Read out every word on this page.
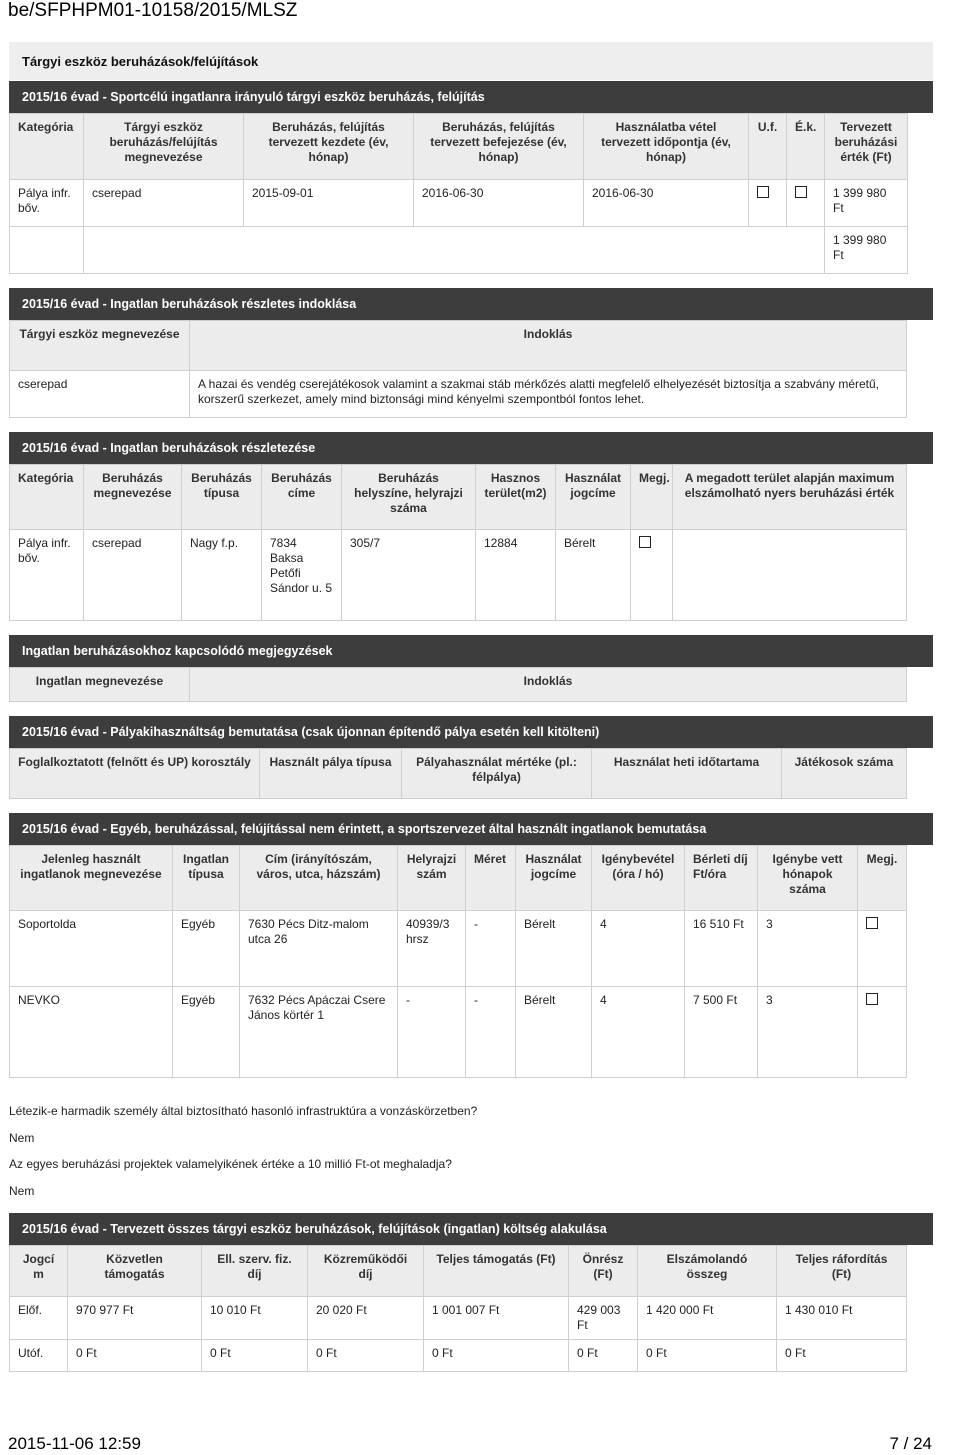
be/SFPHPM01-10158/2015/MLSZ
Tárgyi eszköz beruházások/felújítások
2015/16 évad - Sportcélú ingatlanra irányuló tárgyi eszköz beruházás, felújítás
Kategória	Tárgyi eszköz beruházás/felújítás megnevezése	Beruházás, felújítás tervezett kezdete (év, hónap)	Beruházás, felújítás tervezett befejezése (év, hónap)	Használatba vétel tervezett időpontja (év, hónap)	U.f.	É.k.	Tervezett beruházási érték (Ft)
Pálya infr. bőv.	cserepad	2015-09-01	2016-06-30	2016-06-30			1 399 980 Ft
							1 399 980 Ft
2015/16 évad - Ingatlan beruházások részletes indoklása
Tárgyi eszköz megnevezése	Indoklás
cserepad	A hazai és vendég cserejátékosok valamint a szakmai stáb mérkőzés alatti megfelelő elhelyezését biztosítja a szabvány méretű, korszerű szerkezet, amely mind biztonsági mind kényelmi szempontból fontos lehet.
2015/16 évad - Ingatlan beruházások részletezése
Kategória	Beruházás megnevezése	Beruházás típusa	Beruházás címe	Beruházás helyszíne, helyrajzi száma	Hasznos terület(m2)	Használat jogcíme	Megj.	A megadott terület alapján maximum elszámolható nyers beruházási érték
Pálya infr. bőv.	cserepad	Nagy f.p.	7834 Baksa Petőfi Sándor u. 5	305/7	12884	Bérelt		
Ingatlan beruházásokhoz kapcsolódó megjegyzések
Ingatlan megnevezése	Indoklás
2015/16 évad - Pályakihasználtság bemutatása (csak újonnan építendő pálya esetén kell kitölteni)
Foglalkoztatott (felnőtt és UP) korosztály	Használt pálya típusa	Pályahasználat mértéke (pl.: félpálya)	Használat heti időtartama	Játékosok száma
2015/16 évad - Egyéb, beruházással, felújítással nem érintett, a sportszervezet által használt ingatlanok bemutatása
Jelenleg használt ingatlanok megnevezése	Ingatlan típusa	Cím (irányítószám, város, utca, házszám)	Helyrajzi szám	Méret	Használat jogcíme	Igénybevétel (óra / hó)	Bérleti díj Ft/óra	Igénybe vett hónapok száma	Megj.
Soportolda	Egyéb	7630 Pécs Ditz-malom utca 26	40939/3 hrsz	-	Bérelt	4	16 510 Ft	3	
NEVKO	Egyéb	7632 Pécs Apáczai Csere János körtér 1	-	-	Bérelt	4	7 500 Ft	3	
Létezik-e harmadik személy által biztosítható hasonló infrastruktúra a vonzáskörzetben?
Nem
Az egyes beruházási projektek valamelyikének értéke a 10 millió Ft-ot meghaladja?
Nem
2015/16 évad - Tervezett összes tárgyi eszköz beruházások, felújítások (ingatlan) költség alakulása
Jogcí m	Közvetlen támogatás	Ell. szerv. fiz. díj	Közreműködői díj	Teljes támogatás (Ft)	Önrész (Ft)	Elszámolandó összeg	Teljes ráfordítás (Ft)
Előf.	970 977 Ft	10 010 Ft	20 020 Ft	1 001 007 Ft	429 003 Ft	1 420 000 Ft	1 430 010 Ft
Utóf.	0 Ft	0 Ft	0 Ft	0 Ft	0 Ft	0 Ft	0 Ft
2015-11-06 12:59	7 / 24
